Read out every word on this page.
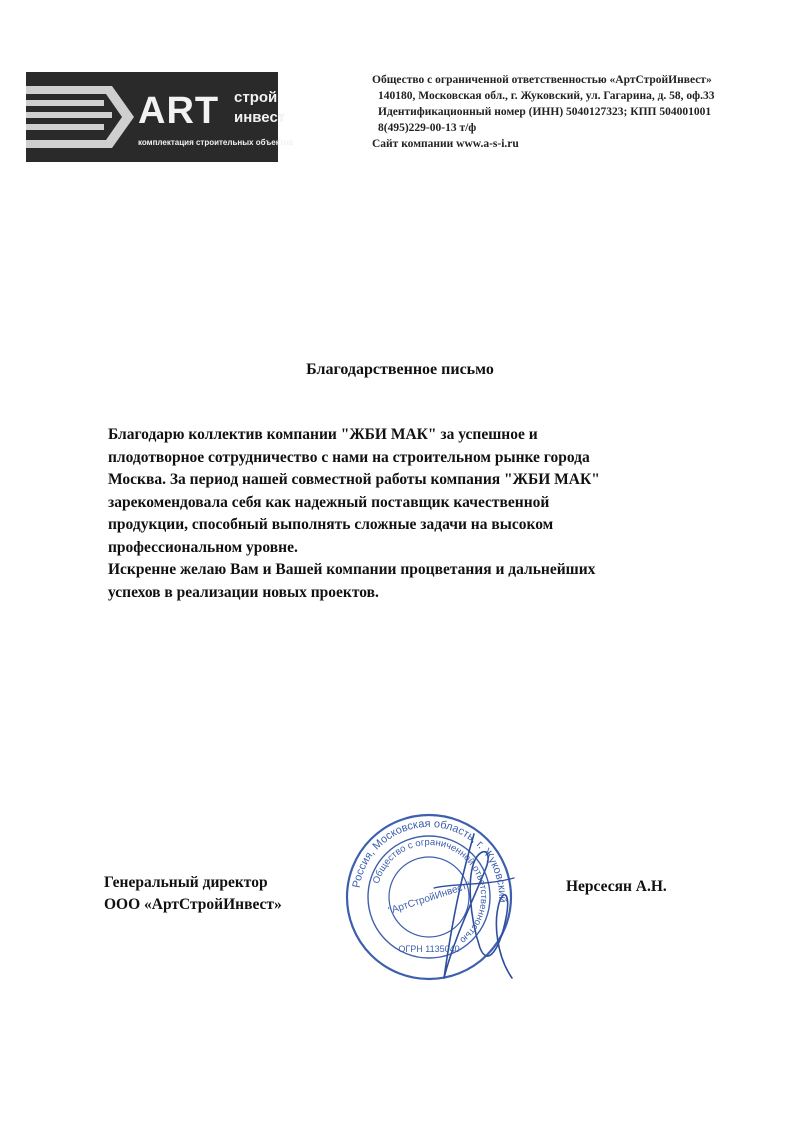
ART строй
инвест
комплектация строительных объектов
Общество с ограниченной ответственностью «АртСтройИнвест»
140180, Московская обл., г. Жуковский, ул. Гагарина, д. 58, оф.33
Идентификационный номер (ИНН) 5040127323; КПП 504001001
8(495)229-00-13 т/ф
Сайт компании www.a-s-i.ru
Благодарственное письмо

Благодарю коллектив компании "ЖБИ МАК" за успешное и

плодотворное сотрудничество с нами на строительном рынке города

Москва. За период нашей совместной работы компания "ЖБИ МАК"

зарекомендовала себя как надежный поставщик качественной

продукции, способный выполнять сложные задачи на высоком

профессиональном уровне.

Искренне желаю Вам и Вашей компании процветания и дальнейших

успехов в реализации новых проектов.

Россия, Московская область, г. Жуковский
Общество с ограниченной ответственностью
"АртСтройИнвест"
ОГРН 1135040
Генеральный директор
ООО «АртСтройИнвест»
Нерсесян А.Н.
